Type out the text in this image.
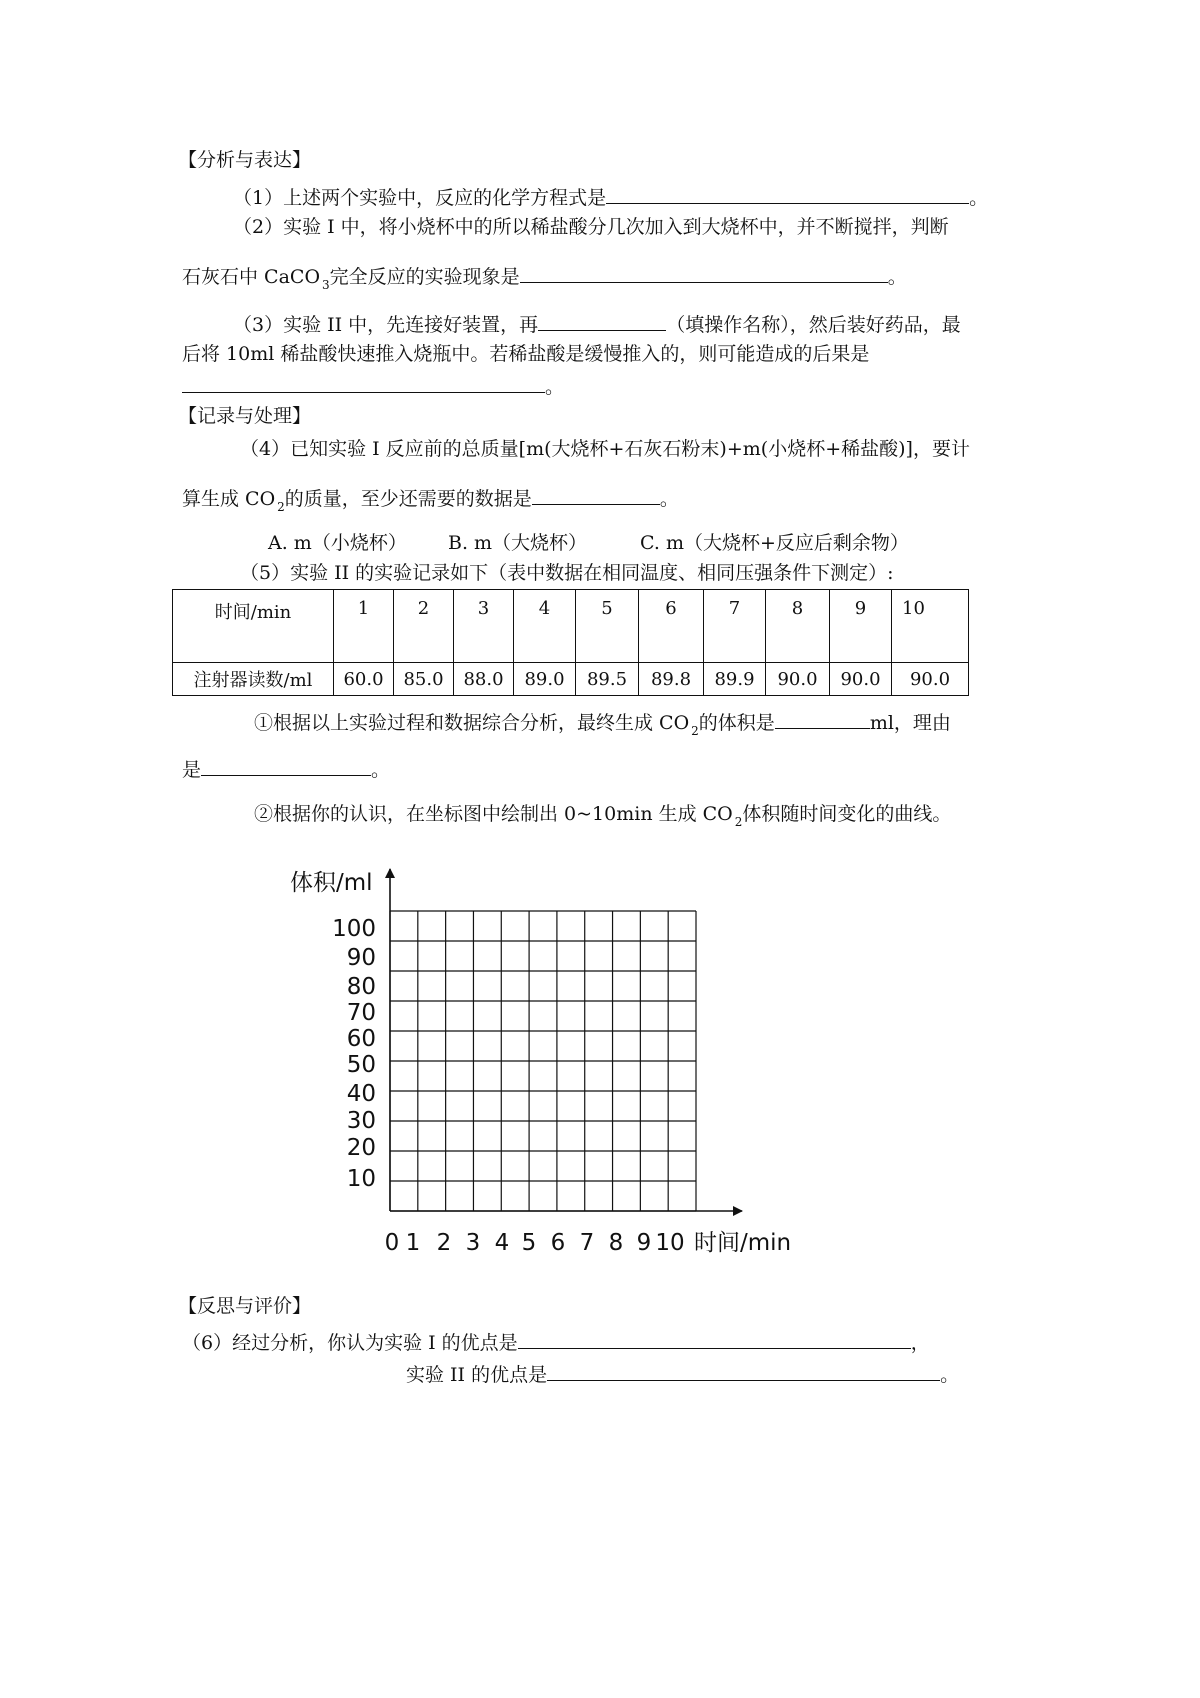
【分析与表达】
（1）上述两个实验中，反应的化学方程式是	。
（2）实验 I 中，将小烧杯中的所以稀盐酸分几次加入到大烧杯中，并不断搅拌，判断
石灰石中 CaCO $_3$完全反应的实验现象是	。
（3）实验 II 中，先连接好装置，再	（填操作名称），然后装好药品，最
后将 10ml 稀盐酸快速推入烧瓶中。若稀盐酸是缓慢推入的，则可能造成的后果是
。
【记录与处理】
（4）已知实验 I 反应前的总质量[m(大烧杯+石灰石粉末)+m(小烧杯+稀盐酸)]，要计
算生成 CO $_2$的质量，至少还需要的数据是	。
A. m（小烧杯） B. m（大烧杯）	C. m（大烧杯+反应后剩余物）
（5）实验 II 的实验记录如下（表中数据在相同温度、相同压强条件下测定）:
时间/min	1	2	3	4	5	6	7	8	9	10
注射器读数/ml	60.0	85.0	88.0	89.0	89.5	89.8	89.9	90.0	90.0	90.0
①根据以上实验过程和数据综合分析，最终生成 CO $_2$的体积是	ml，理由
是	。
②根据你的认识，在坐标图中绘制出 0~10min 生成 CO $_2$体积随时间变化的曲线。
体积/ml
时间/min
100
90
80
70
60
50
40
30
20
10
0 1 2 3 4 5 6 7 8 9 10
【反思与评价】
（6）经过分析，你认为实验 I 的优点是	，
实验 II 的优点是	。
